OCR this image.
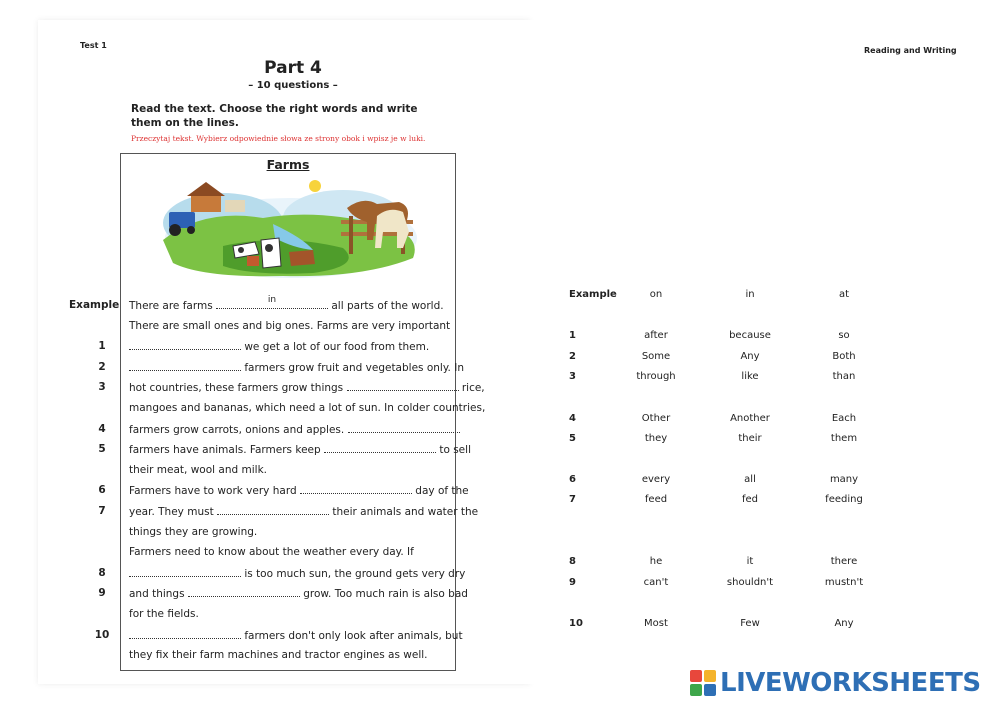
Test 1
Reading and Writing
Part 4
– 10 questions –
Read the text. Choose the right words and write them on the lines.
Przeczytaj tekst. Wybierz odpowiednie słowa ze strony obok i wpisz je w luki.
Farms
Example There are farms	in	all parts of the world.
There are small ones and big ones. Farms are very important
1	we get a lot of our food from them.
2	farmers grow fruit and vegetables only. In
3	hot countries, these farmers grow things	rice,
mangoes and bananas, which need a lot of sun. In colder countries,
4	farmers grow carrots, onions and apples.
5	farmers have animals. Farmers keep	to sell
their meat, wool and milk.
6	Farmers have to work very hard	day of the
7	year. They must	their animals and water the
things they are growing.
Farmers need to know about the weather every day. If
8	is too much sun, the ground gets very dry
9	and things	grow. Too much rain is also bad
for the fields.
10	farmers don't only look after animals, but
they fix their farm machines and tractor engines as well.
Example	on	in	at
1	after	because	so
2	Some	Any	Both
3	through	like	than
4	Other	Another	Each
5	they	their	them
6	every	all	many
7	feed	fed	feeding
8	he	it	there
9	can't	shouldn't	mustn't
10	Most	Few	Any
LIVEWORKSHEETS
